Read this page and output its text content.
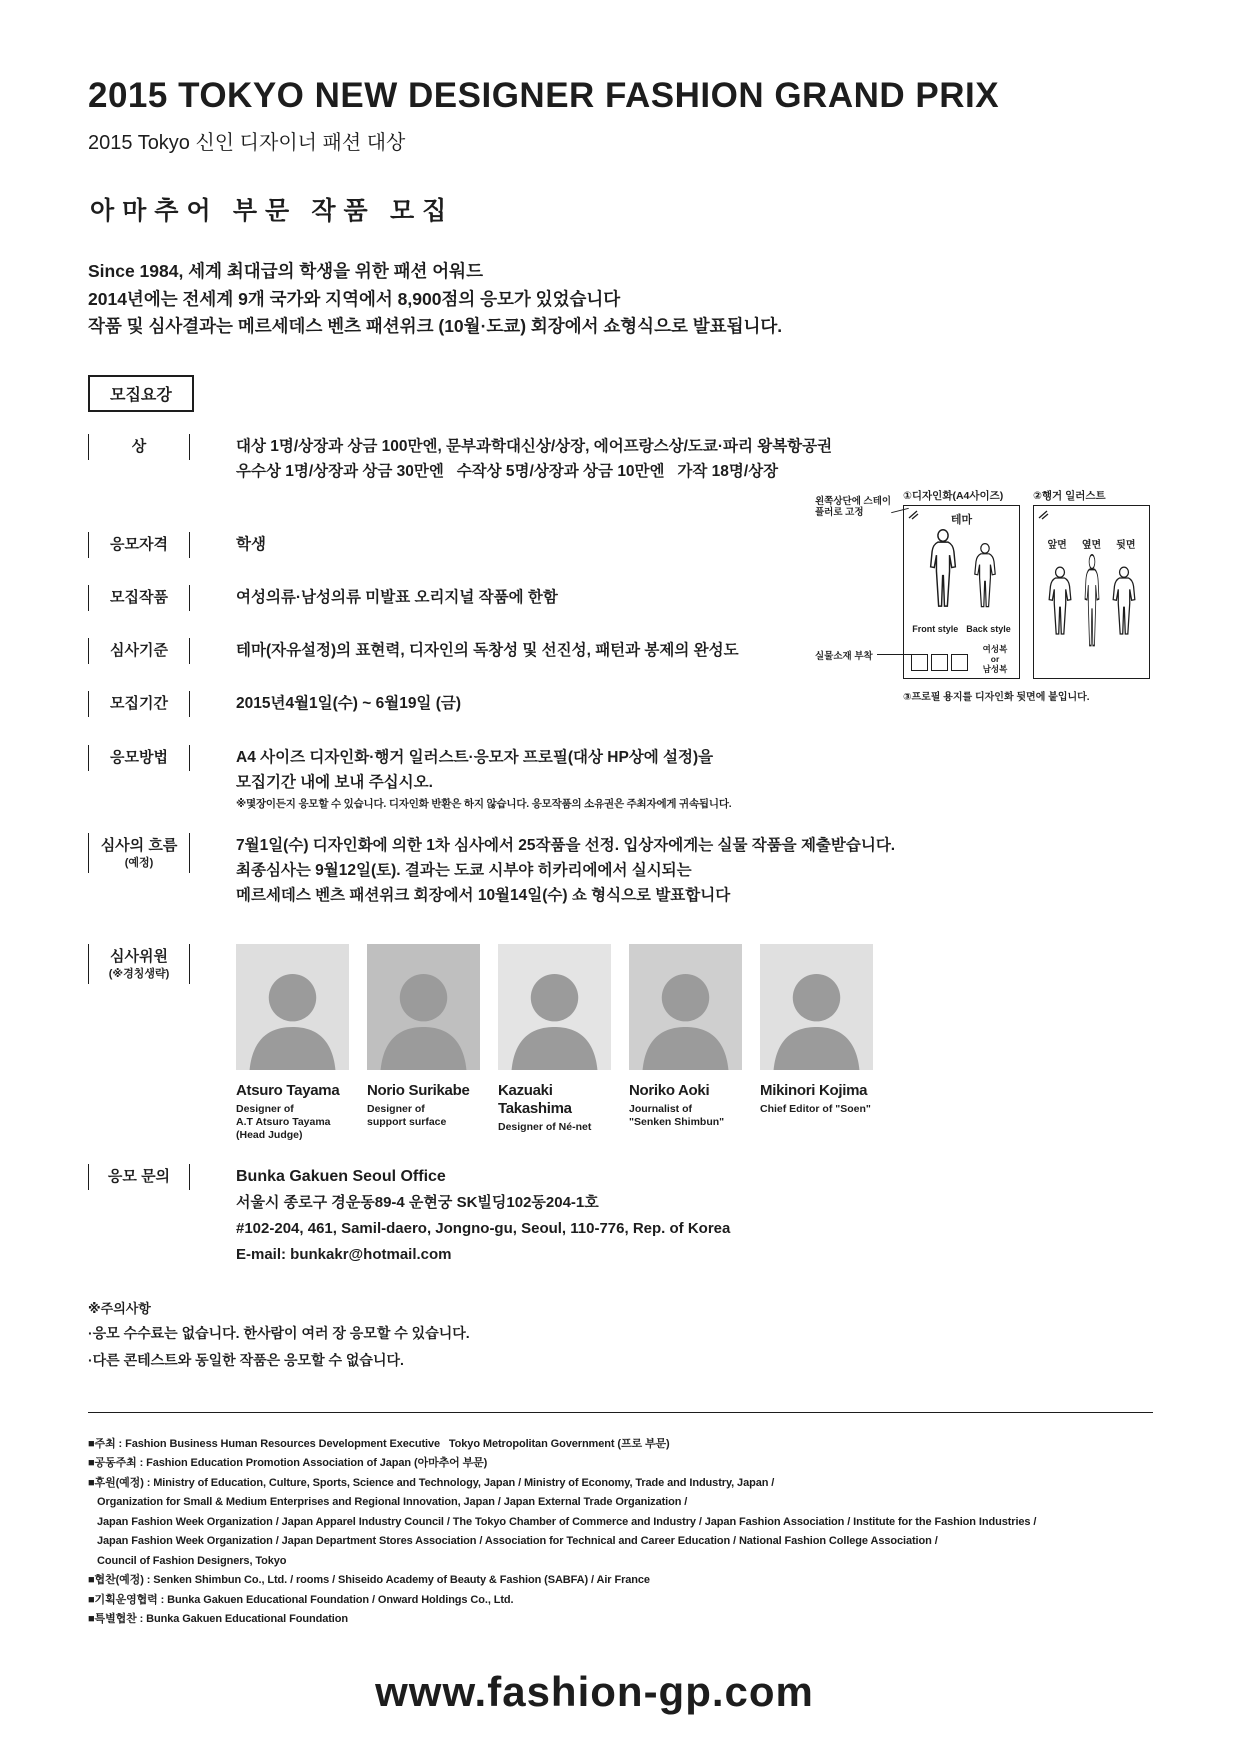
2015 TOKYO NEW DESIGNER FASHION GRAND PRIX
2015 Tokyo 신인 디자이너 패션 대상
아마추어 부문 작품 모집
Since 1984, 세계 최대급의 학생을 위한 패션 어워드
2014년에는 전세계 9개 국가와 지역에서 8,900점의 응모가 있었습니다
작품 및 심사결과는 메르세데스 벤츠 패션위크 (10월·도쿄) 회장에서 쇼형식으로 발표됩니다.
모집요강
상	대상 1명/상장과 상금 100만엔, 문부과학대신상/상장, 에어프랑스상/도쿄·파리 왕복항공권
우수상 1명/상장과 상금 30만엔   수작상 5명/상장과 상금 10만엔   가작 18명/상장
응모자격	학생
모집작품	여성의류·남성의류 미발표 오리지널 작품에 한함
심사기준	테마(자유설정)의 표현력, 디자인의 독창성 및 선진성, 패턴과 봉제의 완성도
모집기간	2015년4월1일(수) ~ 6월19일 (금)
응모방법	A4 사이즈 디자인화·행거 일러스트·응모자 프로필(대상 HP상에 설정)을
모집기간 내에 보내 주십시오.
※몇장이든지 응모할 수 있습니다. 디자인화 반환은 하지 않습니다. 응모작품의 소유권은 주최자에게 귀속됩니다.
심사의 흐름
(예정)
7월1일(수) 디자인화에 의한 1차 심사에서 25작품을 선정. 입상자에게는 실물 작품을 제출받습니다.
최종심사는 9월12일(토). 결과는 도쿄 시부야 히카리에에서 실시되는
메르세데스 벤츠 패션위크 회장에서 10월14일(수) 쇼 형식으로 발표합니다
왼쪽상단에 스테이플러로 고정
①디자인화(A4사이즈)	②행거 일러스트
테마
Front style Back style
여성복
or
남성복
앞면 옆면 뒷면
실물소재 부착
③프로필 용지를 디자인화 뒷면에 붙입니다.
심사위원
(※경칭생략)
Atsuro Tayama
Designer of
A.T Atsuro Tayama
(Head Judge)
Norio Surikabe
Designer of
support surface
Kazuaki Takashima
Designer of Né-net
Noriko Aoki
Journalist of
"Senken Shimbun"
Mikinori Kojima
Chief Editor of "Soen"
응모 문의	Bunka Gakuen Seoul Office
서울시 종로구 경운동89-4 운현궁 SK빌딩102동204-1호
#102-204, 461, Samil-daero, Jongno-gu, Seoul, 110-776, Rep. of Korea
E-mail: bunkakr@hotmail.com
※주의사항
·응모 수수료는 없습니다. 한사람이 여러 장 응모할 수 있습니다.
·다른 콘테스트와 동일한 작품은 응모할 수 없습니다.
■주최 : Fashion Business Human Resources Development Executive   Tokyo Metropolitan Government (프로 부문)
■공동주최 : Fashion Education Promotion Association of Japan (아마추어 부문)
■후원(예정) : Ministry of Education, Culture, Sports, Science and Technology, Japan / Ministry of Economy, Trade and Industry, Japan /
Organization for Small & Medium Enterprises and Regional Innovation, Japan / Japan External Trade Organization /
Japan Fashion Week Organization / Japan Apparel Industry Council / The Tokyo Chamber of Commerce and Industry / Japan Fashion Association / Institute for the Fashion Industries /
Japan Fashion Week Organization / Japan Department Stores Association / Association for Technical and Career Education / National Fashion College Association /
Council of Fashion Designers, Tokyo
■협찬(예정) : Senken Shimbun Co., Ltd. / rooms / Shiseido Academy of Beauty & Fashion (SABFA) / Air France
■기획운영협력 : Bunka Gakuen Educational Foundation / Onward Holdings Co., Ltd.
■특별협찬 : Bunka Gakuen Educational Foundation
www.fashion-gp.com
